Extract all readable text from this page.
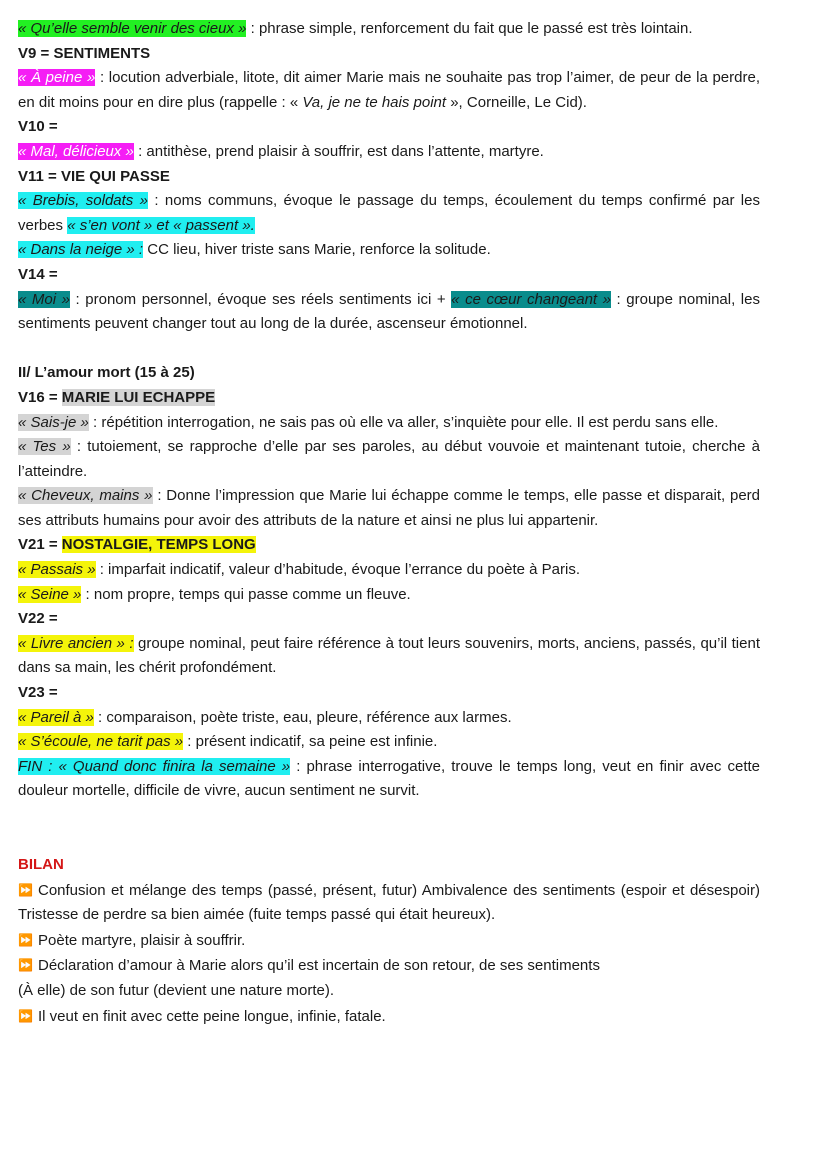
« Qu’elle semble venir des cieux » : phrase simple, renforcement du fait que le passé est très lointain.

V9 = SENTIMENTS

« À peine » : locution adverbiale, litote, dit aimer Marie mais ne souhaite pas trop l’aimer, de peur de la perdre, en dit moins pour en dire plus (rappelle : « Va, je ne te hais point », Corneille, Le Cid).

V10 =

« Mal, délicieux » : antithèse, prend plaisir à souffrir, est dans l’attente, martyre.

V11 = VIE QUI PASSE

« Brebis, soldats » : noms communs, évoque le passage du temps, écoulement du temps confirmé par les verbes « s’en vont » et « passent ».

« Dans la neige » : CC lieu, hiver triste sans Marie, renforce la solitude.

V14 =

« Moi » : pronom personnel, évoque ses réels sentiments ici + « ce cœur changeant » : groupe nominal, les sentiments peuvent changer tout au long de la durée, ascenseur émotionnel.

II/ L’amour mort (15 à 25)

V16 = MARIE LUI ECHAPPE

« Sais-je » : répétition interrogation, ne sais pas où elle va aller, s’inquiète pour elle. Il est perdu sans elle.

« Tes » : tutoiement, se rapproche d’elle par ses paroles, au début vouvoie et maintenant tutoie, cherche à l’atteindre.

« Cheveux, mains » : Donne l’impression que Marie lui échappe comme le temps, elle passe et disparait, perd ses attributs humains pour avoir des attributs de la nature et ainsi ne plus lui appartenir.

V21 = NOSTALGIE, TEMPS LONG

« Passais » : imparfait indicatif, valeur d’habitude, évoque l’errance du poète à Paris.

« Seine » : nom propre, temps qui passe comme un fleuve.

V22 =

« Livre ancien » : groupe nominal, peut faire référence à tout leurs souvenirs, morts, anciens, passés, qu’il tient dans sa main, les chérit profondément.

V23 =

« Pareil à » : comparaison, poète triste, eau, pleure, référence aux larmes.

« S’écoule, ne tarit pas » : présent indicatif, sa peine est infinie.

FIN : « Quand donc finira la semaine » : phrase interrogative, trouve le temps long, veut en finir avec cette douleur mortelle, difficile de vivre, aucun sentiment ne survit.

BILAN

⏩ Confusion et mélange des temps (passé, présent, futur) Ambivalence des sentiments (espoir et désespoir) Tristesse de perdre sa bien aimée (fuite temps passé qui était heureux).

⏩ Poète martyre, plaisir à souffrir.

⏩ Déclaration d’amour à Marie alors qu’il est incertain de son retour, de ses sentiments
(À elle) de son futur (devient une nature morte).

⏩ Il veut en finit avec cette peine longue, infinie, fatale.
